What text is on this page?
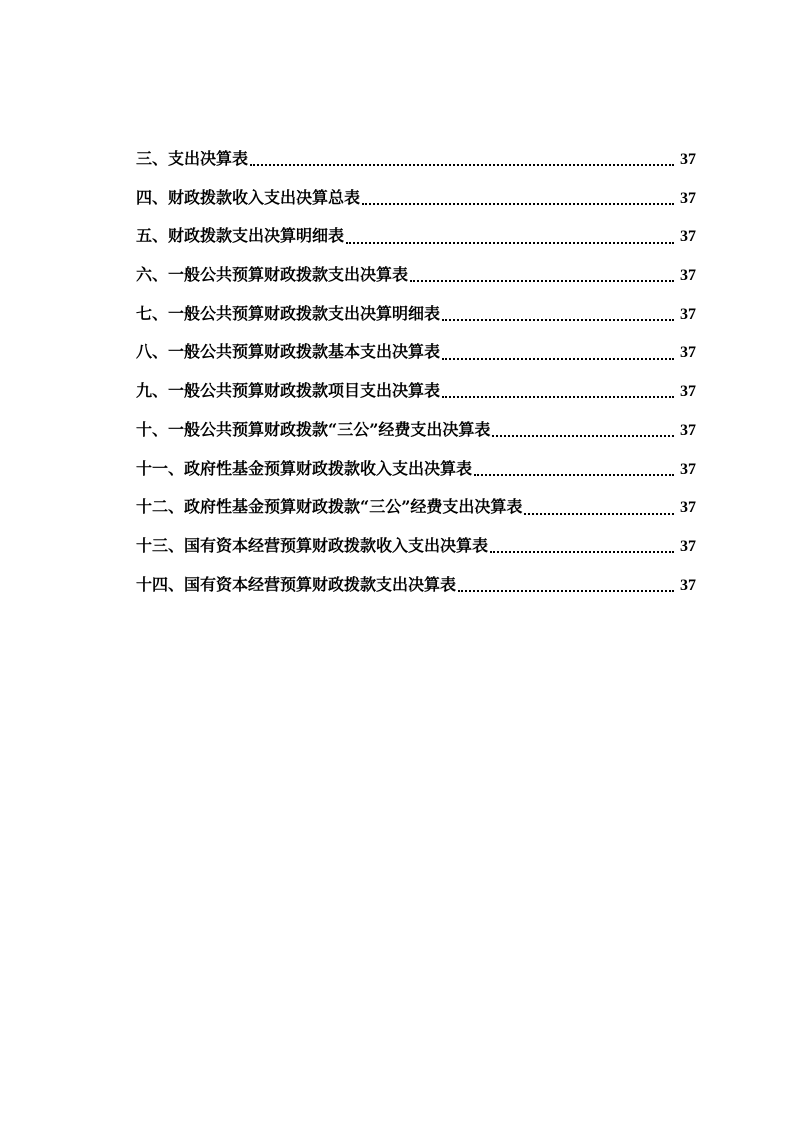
三、支出决算表	37
四、财政拨款收入支出决算总表	37
五、财政拨款支出决算明细表	37
六、一般公共预算财政拨款支出决算表	37
七、一般公共预算财政拨款支出决算明细表	37
八、一般公共预算财政拨款基本支出决算表	37
九、一般公共预算财政拨款项目支出决算表	37
十、一般公共预算财政拨款“三公”经费支出决算表	37
十一、政府性基金预算财政拨款收入支出决算表	37
十二、政府性基金预算财政拨款“三公”经费支出决算表	37
十三、国有资本经营预算财政拨款收入支出决算表	37
十四、国有资本经营预算财政拨款支出决算表	37
